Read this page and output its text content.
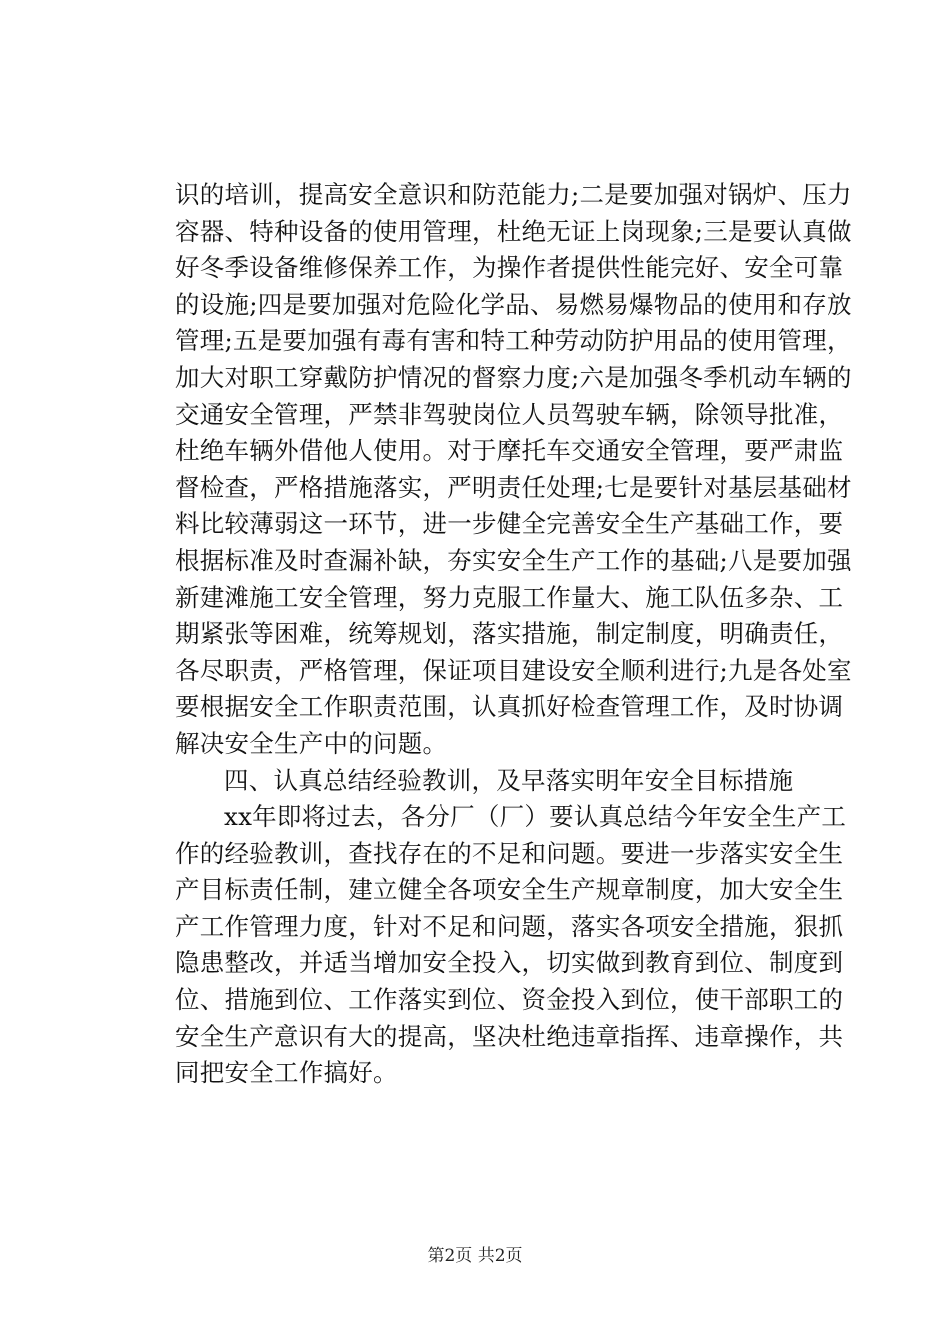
识的培训，提高安全意识和防范能力;二是要加强对锅炉、压力
容器、特种设备的使用管理，杜绝无证上岗现象;三是要认真做
好冬季设备维修保养工作，为操作者提供性能完好、安全可靠
的设施;四是要加强对危险化学品、易燃易爆物品的使用和存放
管理;五是要加强有毒有害和特工种劳动防护用品的使用管理，
加大对职工穿戴防护情况的督察力度;六是加强冬季机动车辆的
交通安全管理，严禁非驾驶岗位人员驾驶车辆，除领导批准，
杜绝车辆外借他人使用。对于摩托车交通安全管理，要严肃监
督检查，严格措施落实，严明责任处理;七是要针对基层基础材
料比较薄弱这一环节，进一步健全完善安全生产基础工作，要
根据标准及时查漏补缺，夯实安全生产工作的基础;八是要加强
新建滩施工安全管理，努力克服工作量大、施工队伍多杂、工
期紧张等困难，统筹规划，落实措施，制定制度，明确责任，
各尽职责，严格管理，保证项目建设安全顺利进行;九是各处室
要根据安全工作职责范围，认真抓好检查管理工作，及时协调
解决安全生产中的问题。
四、认真总结经验教训，及早落实明年安全目标措施
xx年即将过去，各分厂（厂）要认真总结今年安全生产工
作的经验教训，查找存在的不足和问题。要进一步落实安全生
产目标责任制，建立健全各项安全生产规章制度，加大安全生
产工作管理力度，针对不足和问题，落实各项安全措施，狠抓
隐患整改，并适当增加安全投入，切实做到教育到位、制度到
位、措施到位、工作落实到位、资金投入到位，使干部职工的
安全生产意识有大的提高，坚决杜绝违章指挥、违章操作，共
同把安全工作搞好。
第2页 共2页
